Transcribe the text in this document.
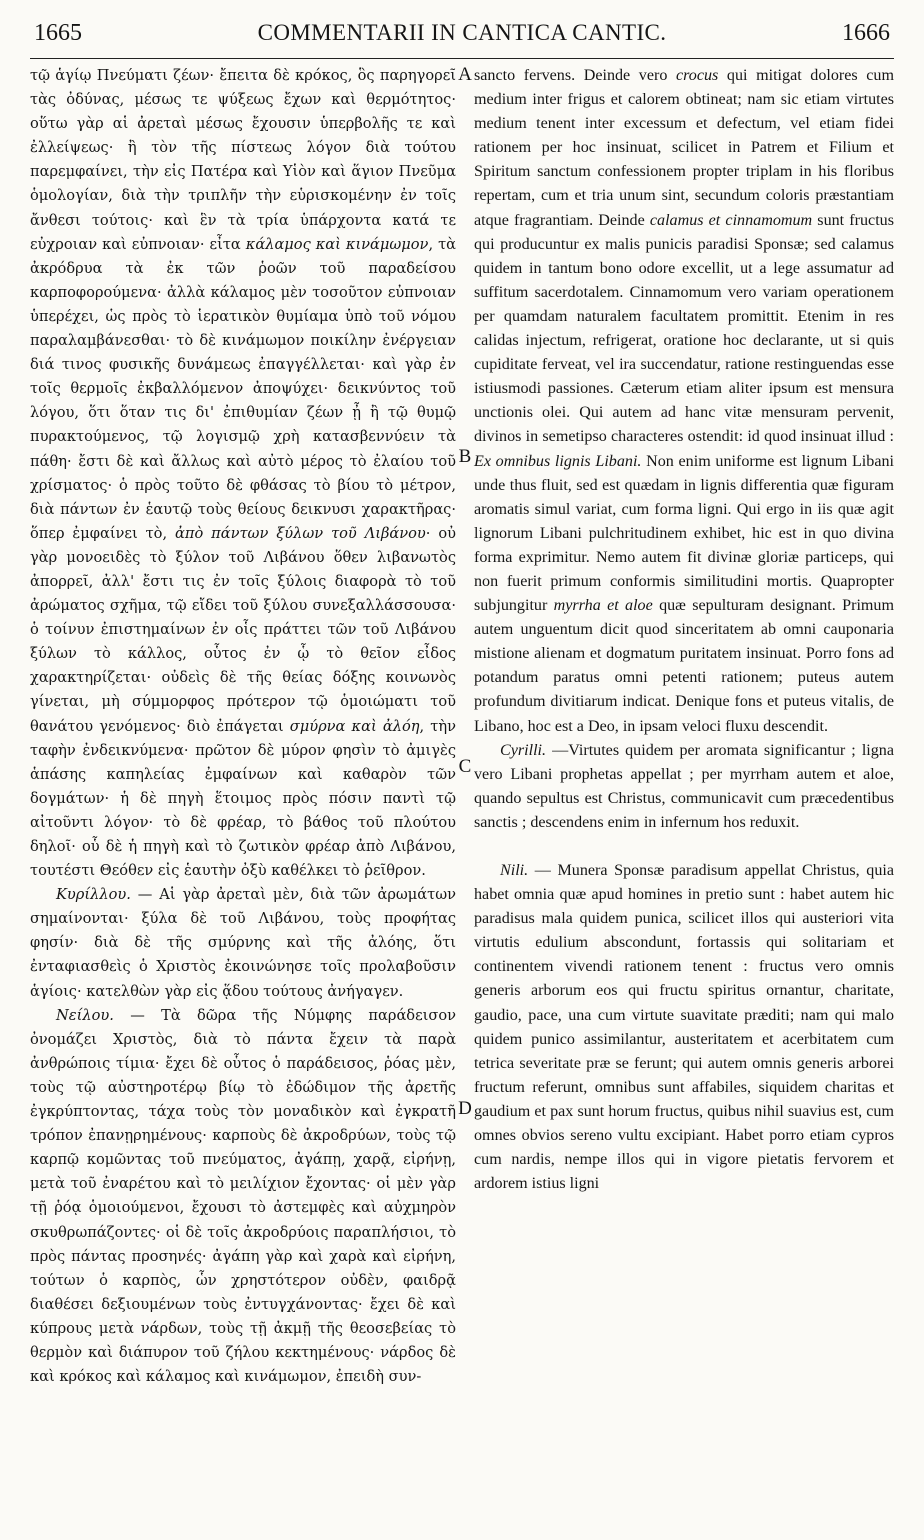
1665	COMMENTARII IN CANTICA CANTIC.	1666

τῷ ἁγίῳ Πνεύματι ζέων· ἔπειτα δὲ κρόκος, ὃς παρηγορεῖ τὰς ὀδύνας, μέσως τε ψύξεως ἔχων καὶ θερμότητος· οὕτω γὰρ αἱ ἀρεταὶ μέσως ἔχουσιν ὑπερβολῆς τε καὶ ἐλλείψεως· ἢ τὸν τῆς πίστεως λόγον διὰ τούτου παρεμφαίνει, τὴν εἰς Πατέρα καὶ Υἱὸν καὶ ἅγιον Πνεῦμα ὁμολογίαν, διὰ τὴν τριπλῆν τὴν εὑρισκομένην ἐν τοῖς ἄνθεσι τούτοις· καὶ ἓν τὰ τρία ὑπάρχοντα κατά τε εὐχροιαν καὶ εὐπνοιαν· εἶτα κάλαμος καὶ κινάμωμον, τὰ ἀκρόδρυα τὰ ἐκ τῶν ῥοῶν τοῦ παραδείσου καρποφορούμενα· ἀλλὰ κάλαμος μὲν τοσοῦτον εὐπνοιαν ὑπερέχει, ὡς πρὸς τὸ ἱερατικὸν θυμίαμα ὑπὸ τοῦ νόμου παραλαμβάνεσθαι· τὸ δὲ κινάμωμον ποικίλην ἐνέργειαν διά τινος φυσικῆς δυνάμεως ἐπαγγέλλεται· καὶ γὰρ ἐν τοῖς θερμοῖς ἐκβαλλόμενον ἀποψύχει· δεικνύντος τοῦ λόγου, ὅτι ὅταν τις δι' ἐπιθυμίαν ζέων ᾖ ἢ τῷ θυμῷ πυρακτούμενος, τῷ λογισμῷ χρὴ κατασβεννύειν τὰ πάθη· ἔστι δὲ καὶ ἄλλως καὶ αὐτὸ μέρος τὸ ἐλαίου τοῦ χρίσματος· ὁ πρὸς τοῦτο δὲ φθάσας τὸ βίου τὸ μέτρον, διὰ πάντων ἐν ἑαυτῷ τοὺς θείους δεικνυσι χαρακτῆρας· ὅπερ ἐμφαίνει τὸ, ἀπὸ πάντων ξύλων τοῦ Λιβάνου· οὐ γὰρ μονοειδὲς τὸ ξύλον τοῦ Λιβάνου ὅθεν λιβανωτὸς ἀπορρεῖ, ἀλλ' ἔστι τις ἐν τοῖς ξύλοις διαφορὰ τὸ τοῦ ἀρώματος σχῆμα, τῷ εἴδει τοῦ ξύλου συνεξαλλάσσουσα· ὁ τοίνυν ἐπιστημαίνων ἐν οἷς πράττει τῶν τοῦ Λιβάνου ξύλων τὸ κάλλος, οὗτος ἐν ᾧ τὸ θεῖον εἶδος χαρακτηρίζεται· οὐδεὶς δὲ τῆς θείας δόξης κοινωνὸς γίνεται, μὴ σύμμορφος πρότερον τῷ ὁμοιώματι τοῦ θανάτου γενόμενος· διὸ ἐπάγεται σμύρνα καὶ ἀλόη, τὴν ταφὴν ἐνδεικνύμενα· πρῶτον δὲ μύρον φησὶν τὸ ἀμιγὲς ἁπάσης καπηλείας ἐμφαίνων καὶ καθαρὸν τῶν δογμάτων· ἡ δὲ πηγὴ ἕτοιμος πρὸς πόσιν παντὶ τῷ αἰτοῦντι λόγον· τὸ δὲ φρέαρ, τὸ βάθος τοῦ πλούτου δηλοῖ· οὗ δὲ ἡ πηγὴ καὶ τὸ ζωτικὸν φρέαρ ἀπὸ Λιβάνου, τουτέστι Θεόθεν εἰς ἑαυτὴν ὀξὺ καθέλκει τὸ ῥεῖθρον.

Κυρίλλου. — Αἱ γὰρ ἀρεταὶ μὲν, διὰ τῶν ἀρωμάτων σημαίνονται· ξύλα δὲ τοῦ Λιβάνου, τοὺς προφήτας φησίν· διὰ δὲ τῆς σμύρνης καὶ τῆς ἀλόης, ὅτι ἐνταφιασθεὶς ὁ Χριστὸς ἐκοινώνησε τοῖς προλαβοῦσιν ἁγίοις· κατελθὼν γὰρ εἰς ᾅδου τούτους ἀνήγαγεν.

Νείλου. — Τὰ δῶρα τῆς Νύμφης παράδεισον ὀνομάζει Χριστὸς, διὰ τὸ πάντα ἔχειν τὰ παρὰ ἀνθρώποις τίμια· ἔχει δὲ οὗτος ὁ παράδεισος, ῥόας μὲν, τοὺς τῷ αὐστηροτέρῳ βίῳ τὸ ἐδώδιμον τῆς ἀρετῆς ἐγκρύπτοντας, τάχα τοὺς τὸν μοναδικὸν καὶ ἐγκρατῆ τρόπον ἐπανῃρημένους· καρποὺς δὲ ἀκροδρύων, τοὺς τῷ καρπῷ κομῶντας τοῦ πνεύματος, ἀγάπῃ, χαρᾷ, εἰρήνῃ, μετὰ τοῦ ἐναρέτου καὶ τὸ μειλίχιον ἔχοντας· οἱ μὲν γὰρ τῇ ῥόᾳ ὁμοιούμενοι, ἔχουσι τὸ ἀστεμφὲς καὶ αὐχμηρὸν σκυθρωπάζοντες· οἱ δὲ τοῖς ἀκροδρύοις παραπλήσιοι, τὸ πρὸς πάντας προσηνές· ἀγάπη γὰρ καὶ χαρὰ καὶ εἰρήνη, τούτων ὁ καρπὸς, ὧν χρηστότερον οὐδὲν, φαιδρᾷ διαθέσει δεξιουμένων τοὺς ἐντυγχάνοντας· ἔχει δὲ καὶ κύπρους μετὰ νάρδων, τοὺς τῇ ἀκμῇ τῆς θεοσεβείας τὸ θερμὸν καὶ διάπυρον τοῦ ζήλου κεκτημένους· νάρδος δὲ καὶ κρόκος καὶ κάλαμος καὶ κινάμωμον, ἐπειδὴ συν-

A
B
C
D

sancto fervens. Deinde vero crocus qui mitigat dolores cum medium inter frigus et calorem obtineat; nam sic etiam virtutes medium tenent inter excessum et defectum, vel etiam fidei rationem per hoc insinuat, scilicet in Patrem et Filium et Spiritum sanctum confessionem propter triplam in his floribus repertam, cum et tria unum sint, secundum coloris præstantiam atque fragrantiam. Deinde calamus et cinnamomum sunt fructus qui producuntur ex malis punicis paradisi Sponsæ; sed calamus quidem in tantum bono odore excellit, ut a lege assumatur ad suffitum sacerdotalem. Cinnamomum vero variam operationem per quamdam naturalem facultatem promittit. Etenim in res calidas injectum, refrigerat, oratione hoc declarante, ut si quis cupiditate ferveat, vel ira succendatur, ratione restinguendas esse istiusmodi passiones. Cæterum etiam aliter ipsum est mensura unctionis olei. Qui autem ad hanc vitæ mensuram pervenit, divinos in semetipso characteres ostendit: id quod insinuat illud : Ex omnibus lignis Libani. Non enim uniforme est lignum Libani unde thus fluit, sed est quædam in lignis differentia quæ figuram aromatis simul variat, cum forma ligni. Qui ergo in iis quæ agit lignorum Libani pulchritudinem exhibet, hic est in quo divina forma exprimitur. Nemo autem fit divinæ gloriæ particeps, qui non fuerit primum conformis similitudini mortis. Quapropter subjungitur myrrha et aloe quæ sepulturam designant. Primum autem unguentum dicit quod sinceritatem ab omni cauponaria mistione alienam et dogmatum puritatem insinuat. Porro fons ad potandum paratus omni petenti rationem; puteus autem profundum divitiarum indicat. Denique fons et puteus vitalis, de Libano, hoc est a Deo, in ipsam veloci fluxu descendit.

Cyrilli. —Virtutes quidem per aromata significantur ; ligna vero Libani prophetas appellat ; per myrrham autem et aloe, quando sepultus est Christus, communicavit cum præcedentibus sanctis ; descendens enim in infernum hos reduxit.

Nili. — Munera Sponsæ paradisum appellat Christus, quia habet omnia quæ apud homines in pretio sunt : habet autem hic paradisus mala quidem punica, scilicet illos qui austeriori vita virtutis edulium abscondunt, fortassis qui solitariam et continentem vivendi rationem tenent : fructus vero omnis generis arborum eos qui fructu spiritus ornantur, charitate, gaudio, pace, una cum virtute suavitate præditi; nam qui malo quidem punico assimilantur, austeritatem et acerbitatem cum tetrica severitate præ se ferunt; qui autem omnis generis arborei fructum referunt, omnibus sunt affabiles, siquidem charitas et gaudium et pax sunt horum fructus, quibus nihil suavius est, cum omnes obvios sereno vultu excipiant. Habet porro etiam cypros cum nardis, nempe illos qui in vigore pietatis fervorem et ardorem istius ligni
